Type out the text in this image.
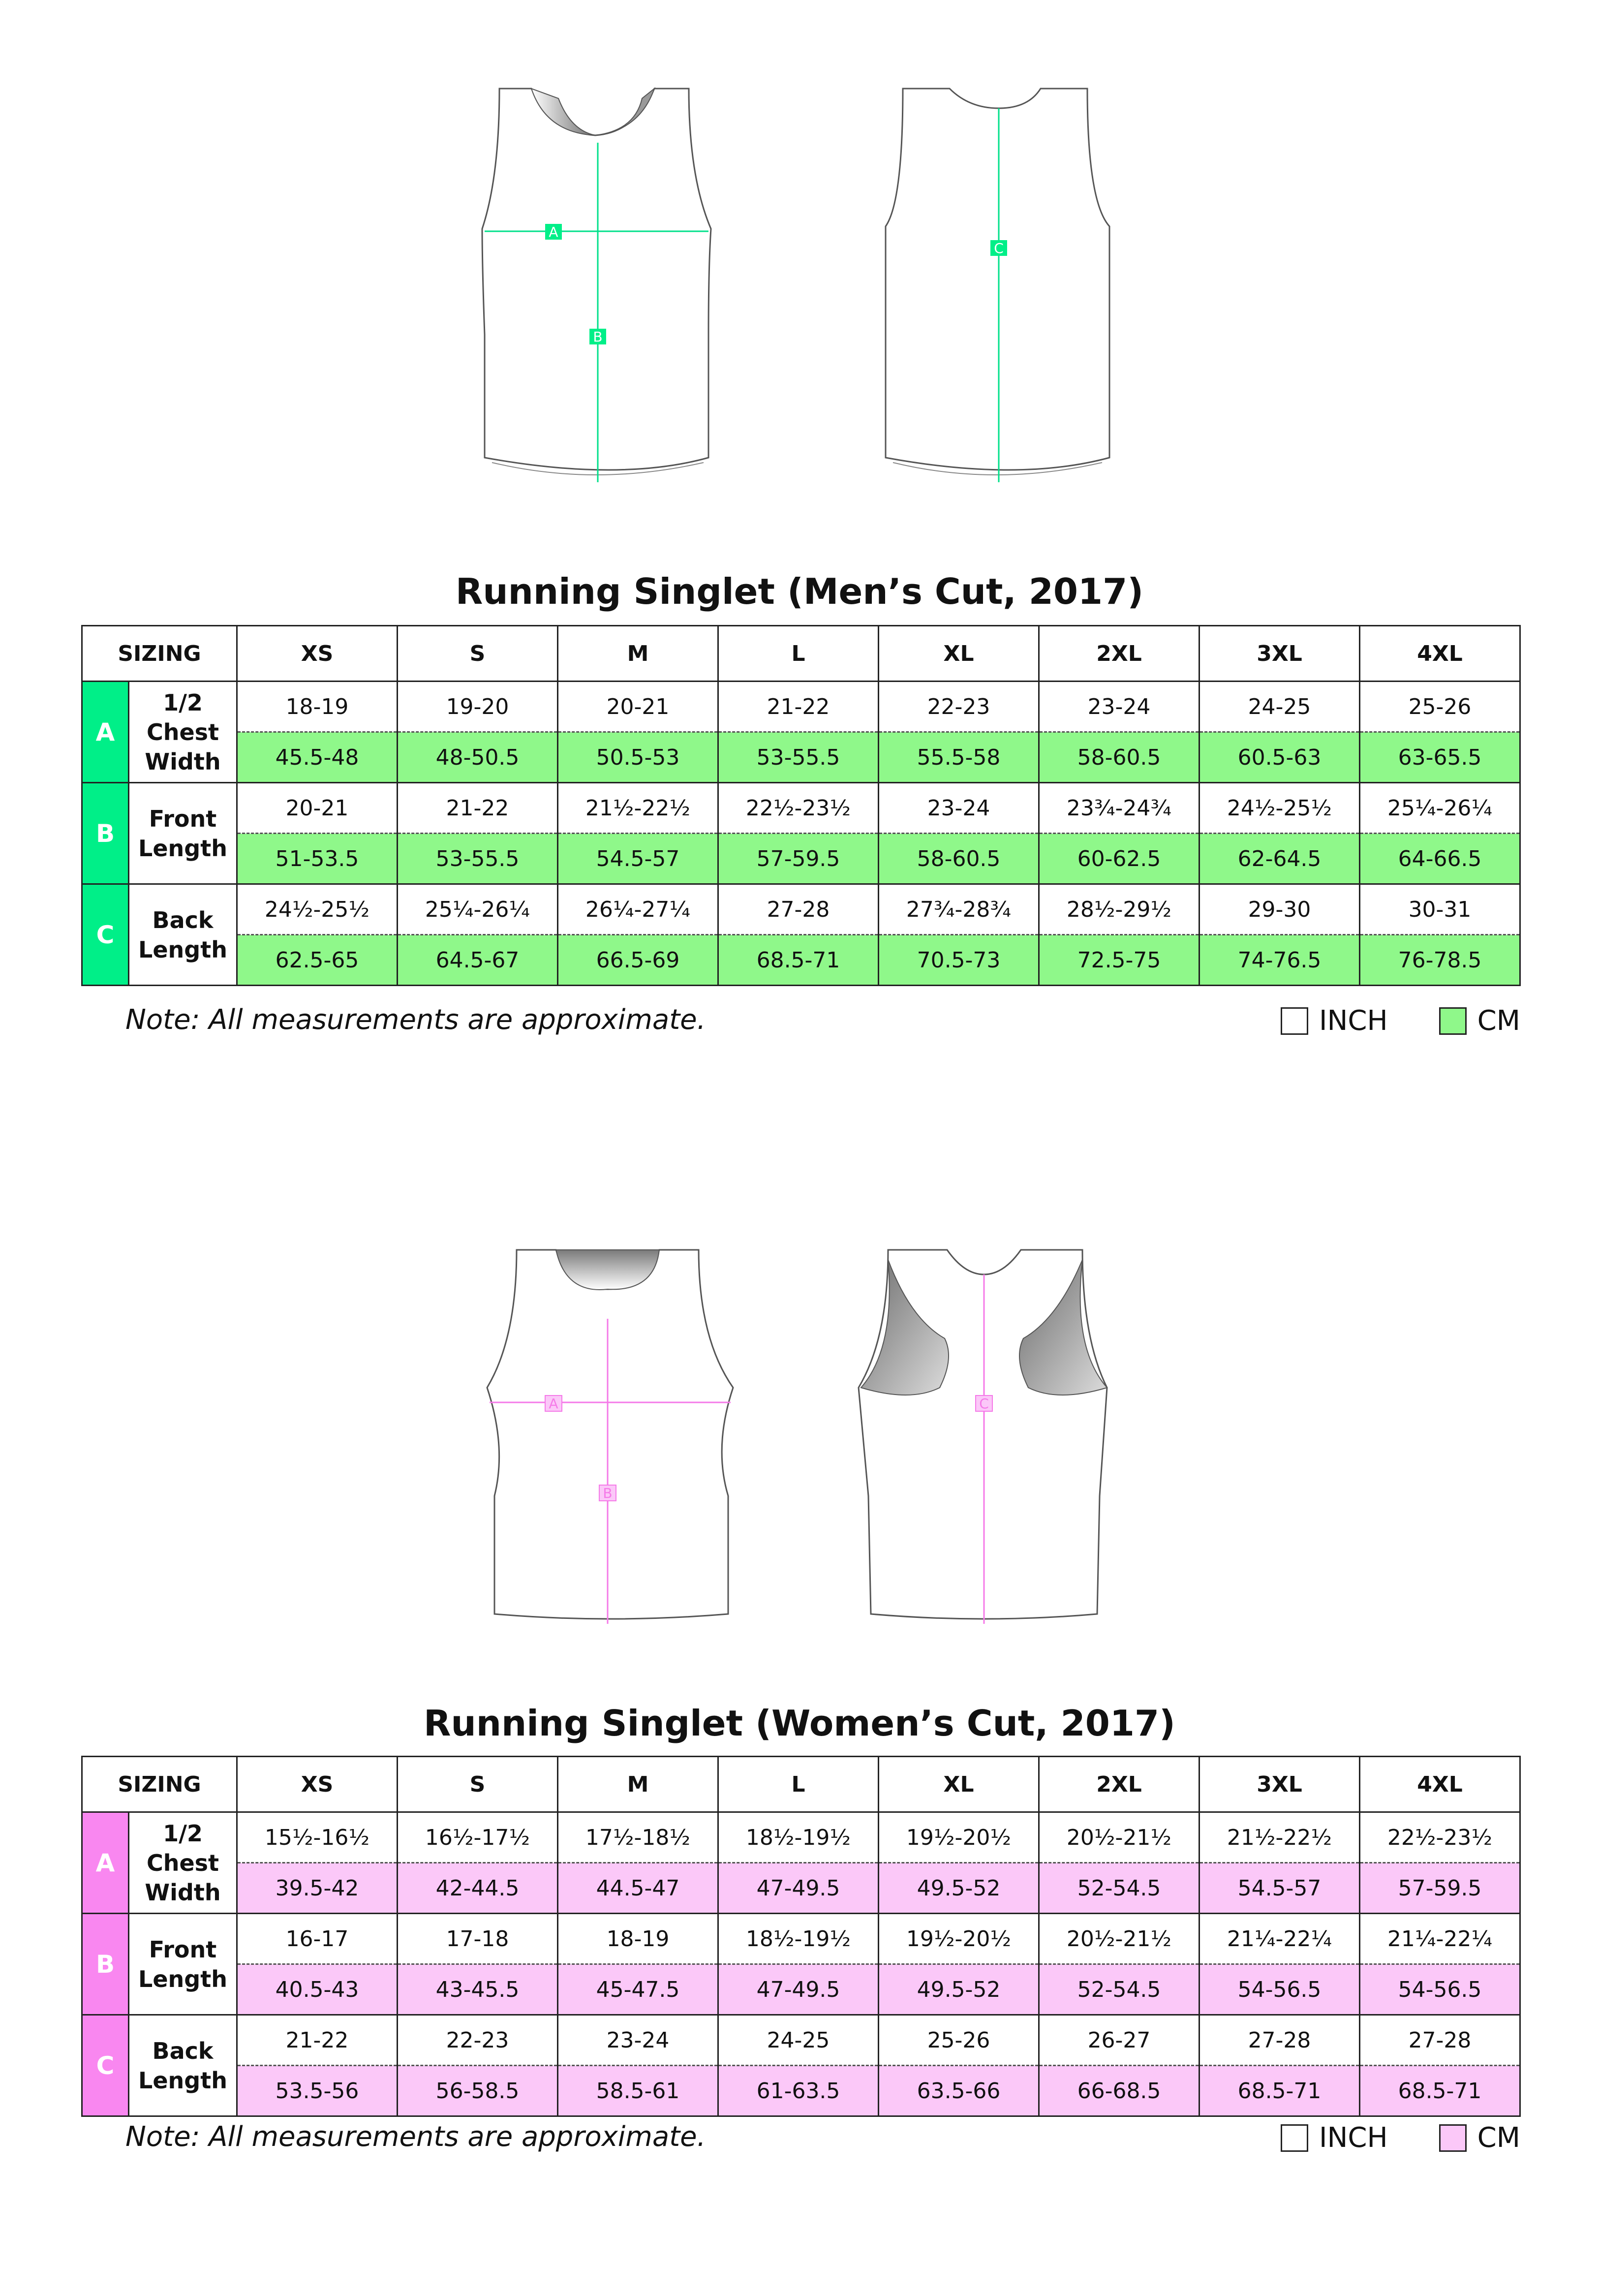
A
B
C
Running Singlet (Men’s Cut, 2017)
SIZING		XS	S	M	L	XL	2XL	3XL	4XL
A	1/2
Chest
Width	18-19	19-20	20-21	21-22	22-23	23-24	24-25	25-26
		45.5-48	48-50.5	50.5-53	53-55.5	55.5-58	58-60.5	60.5-63	63-65.5
B	Front
Length	20-21	21-22	21½-22½	22½-23½	23-24	23¾-24¾	24½-25½	25¼-26¼
		51-53.5	53-55.5	54.5-57	57-59.5	58-60.5	60-62.5	62-64.5	64-66.5
C	Back
Length	24½-25½	25¼-26¼	26¼-27¼	27-28	27¾-28¾	28½-29½	29-30	30-31
		62.5-65	64.5-67	66.5-69	68.5-71	70.5-73	72.5-75	74-76.5	76-78.5
Note: All measurements are approximate.	INCH	CM
A
B
C
Running Singlet (Women’s Cut, 2017)
SIZING		XS	S	M	L	XL	2XL	3XL	4XL
A	1/2
Chest
Width	15½-16½	16½-17½	17½-18½	18½-19½	19½-20½	20½-21½	21½-22½	22½-23½
		39.5-42	42-44.5	44.5-47	47-49.5	49.5-52	52-54.5	54.5-57	57-59.5
B	Front
Length	16-17	17-18	18-19	18½-19½	19½-20½	20½-21½	21¼-22¼	21¼-22¼
		40.5-43	43-45.5	45-47.5	47-49.5	49.5-52	52-54.5	54-56.5	54-56.5
C	Back
Length	21-22	22-23	23-24	24-25	25-26	26-27	27-28	27-28
		53.5-56	56-58.5	58.5-61	61-63.5	63.5-66	66-68.5	68.5-71	68.5-71
Note: All measurements are approximate.	INCH	CM
